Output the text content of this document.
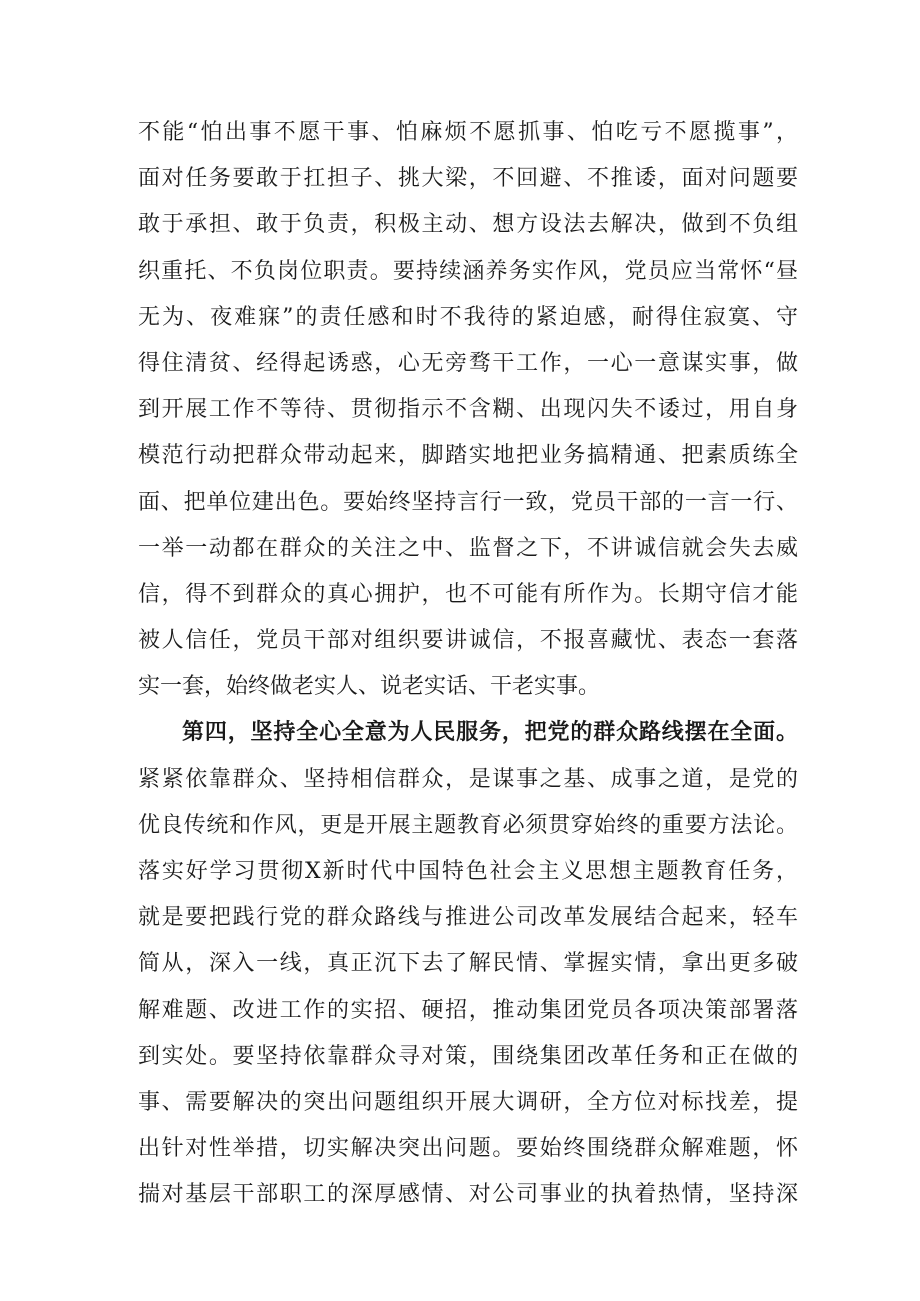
不能“怕出事不愿干事、怕麻烦不愿抓事、怕吃亏不愿揽事”，
面对任务要敢于扛担子、挑大梁，不回避、不推诿，面对问题要
敢于承担、敢于负责，积极主动、想方设法去解决，做到不负组
织重托、不负岗位职责。要持续涵养务实作风，党员应当常怀“昼
无为、夜难寐”的责任感和时不我待的紧迫感，耐得住寂寞、守
得住清贫、经得起诱惑，心无旁骛干工作，一心一意谋实事，做
到开展工作不等待、贯彻指示不含糊、出现闪失不诿过，用自身
模范行动把群众带动起来，脚踏实地把业务搞精通、把素质练全
面、把单位建出色。要始终坚持言行一致，党员干部的一言一行、
一举一动都在群众的关注之中、监督之下，不讲诚信就会失去威
信，得不到群众的真心拥护，也不可能有所作为。长期守信才能
被人信任，党员干部对组织要讲诚信，不报喜藏忧、表态一套落
实一套，始终做老实人、说老实话、干老实事。
第四，坚持全心全意为人民服务，把党的群众路线摆在全面。
紧紧依靠群众、坚持相信群众，是谋事之基、成事之道，是党的
优良传统和作风，更是开展主题教育必须贯穿始终的重要方法论。
落实好学习贯彻X新时代中国特色社会主义思想主题教育任务，
就是要把践行党的群众路线与推进公司改革发展结合起来，轻车
简从，深入一线，真正沉下去了解民情、掌握实情，拿出更多破
解难题、改进工作的实招、硬招，推动集团党员各项决策部署落
到实处。要坚持依靠群众寻对策，围绕集团改革任务和正在做的
事、需要解决的突出问题组织开展大调研，全方位对标找差，提
出针对性举措，切实解决突出问题。要始终围绕群众解难题，怀
揣对基层干部职工的深厚感情、对公司事业的执着热情，坚持深
